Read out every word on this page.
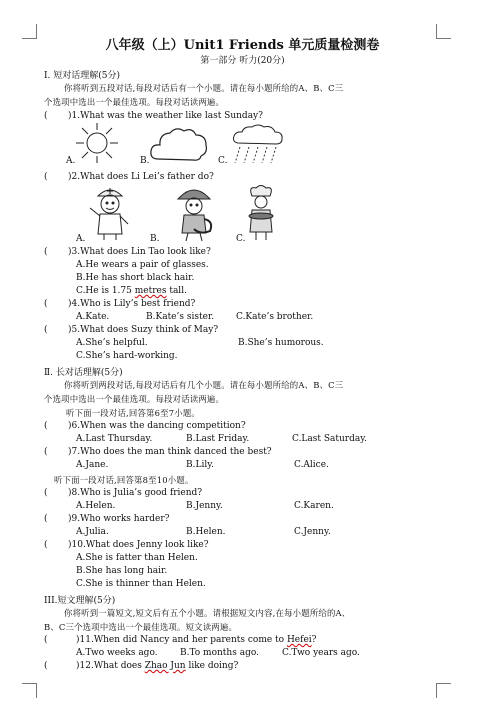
八年级（上）Unit1 Friends 单元质量检测卷
第一部分 听力(20分)
Ⅰ. 短对话理解(5分)
你将听到五段对话,每段对话后有一个小题。请在每小题所给的A、B、C三
个选项中选出一个最佳选项。每段对话读两遍。
( )1.What was the weather like last Sunday?
A.	B.	C.
( )2.What does Li Lei’s father do?
A.	B.	C.
( )3.What does Lin Tao look like?
A.He wears a pair of glasses.
B.He has short black hair.
C.He is 1.75 metres tall.
( )4.Who is Lily’s best friend?
A.Kate.	B.Kate’s sister. C.Kate’s brother.
( )5.What does Suzy think of May?
A.She’s helpful.	B.She’s humorous.
C.She’s hard-working.
Ⅱ. 长对话理解(5分)
你将听到两段对话,每段对话后有几个小题。请在每小题所给的A、B、C三
个选项中选出一个最佳选项。每段对话读两遍。
听下面一段对话,回答第6至7小题。
( )6.When was the dancing competition?
A.Last Thursday.	B.Last Friday.	C.Last Saturday.
( )7.Who does the man think danced the best?
A.Jane.	B.Lily.	C.Alice.
听下面一段对话,回答第8至10小题。
( )8.Who is Julia’s good friend?
A.Helen.	B.Jenny.	C.Karen.
( )9.Who works harder?
A.Julia.	B.Helen.	C.Jenny.
( )10.What does Jenny look like?
A.She is fatter than Helen.
B.She has long hair.
C.She is thinner than Helen.
III.短文理解(5分)
你将听到一篇短文,短文后有五个小题。请根据短文内容,在每小题所给的A、
B、C三个选项中选出一个最佳选项。短文读两遍。
(	)11.When did Nancy and her parents come to Hefei?
A.Two weeks ago. B.To months ago.	C.Two years ago.
(	)12.What does Zhao Jun like doing?
